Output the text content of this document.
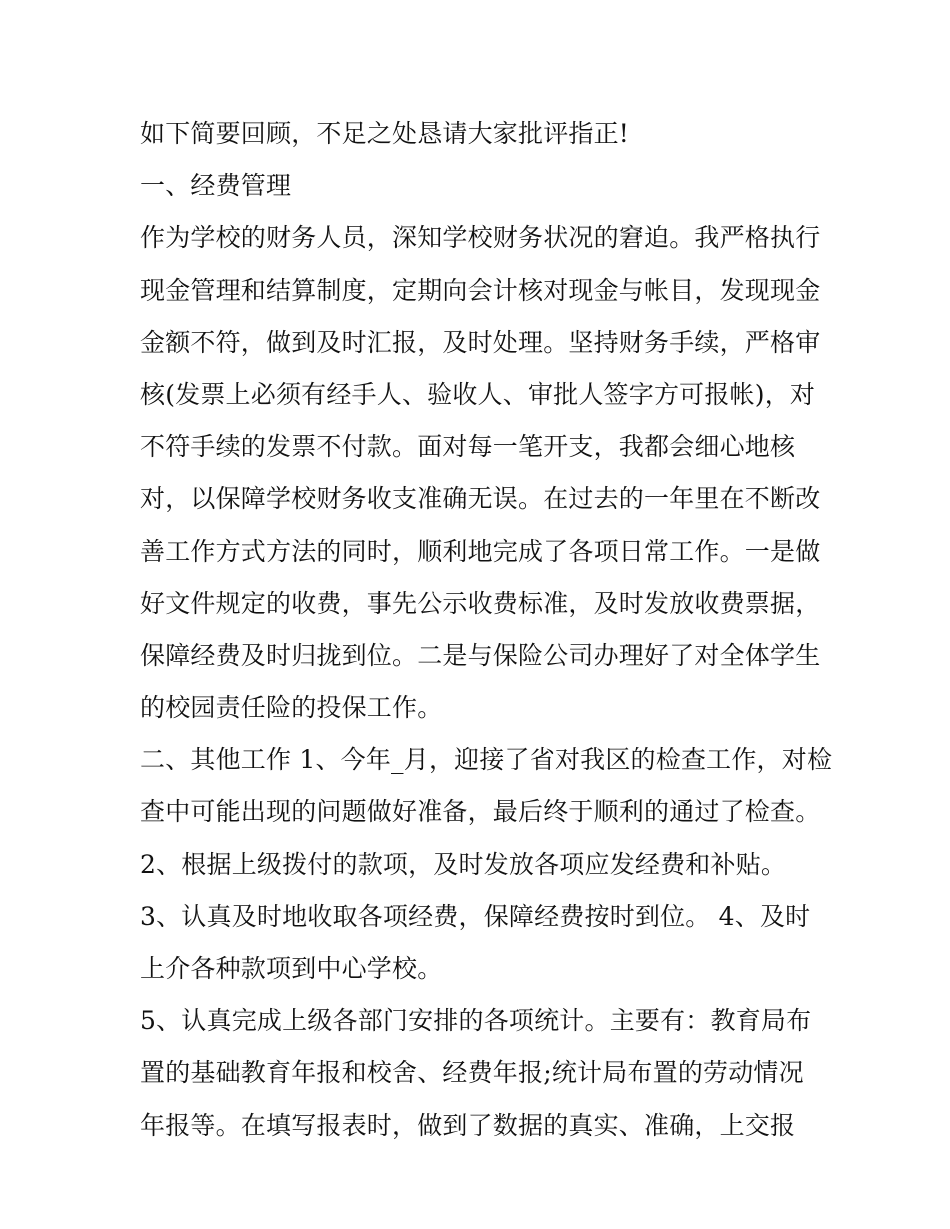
如下简要回顾，不足之处恳请大家批评指正!
一、经费管理
作为学校的财务人员，深知学校财务状况的窘迫。我严格执行
现金管理和结算制度，定期向会计核对现金与帐目，发现现金
金额不符，做到及时汇报，及时处理。坚持财务手续，严格审
核(发票上必须有经手人、验收人、审批人签字方可报帐)，对
不符手续的发票不付款。面对每一笔开支，我都会细心地核
对，以保障学校财务收支准确无误。在过去的一年里在不断改
善工作方式方法的同时，顺利地完成了各项日常工作。一是做
好文件规定的收费，事先公示收费标准，及时发放收费票据，
保障经费及时归拢到位。二是与保险公司办理好了对全体学生
的校园责任险的投保工作。
二、其他工作 1、今年_月，迎接了省对我区的检查工作，对检
查中可能出现的问题做好准备，最后终于顺利的通过了检查。
2、根据上级拨付的款项，及时发放各项应发经费和补贴。
3、认真及时地收取各项经费，保障经费按时到位。 4、及时
上介各种款项到中心学校。
5、认真完成上级各部门安排的各项统计。主要有：教育局布
置的基础教育年报和校舍、经费年报;统计局布置的劳动情况
年报等。在填写报表时，做到了数据的真实、准确，上交报
